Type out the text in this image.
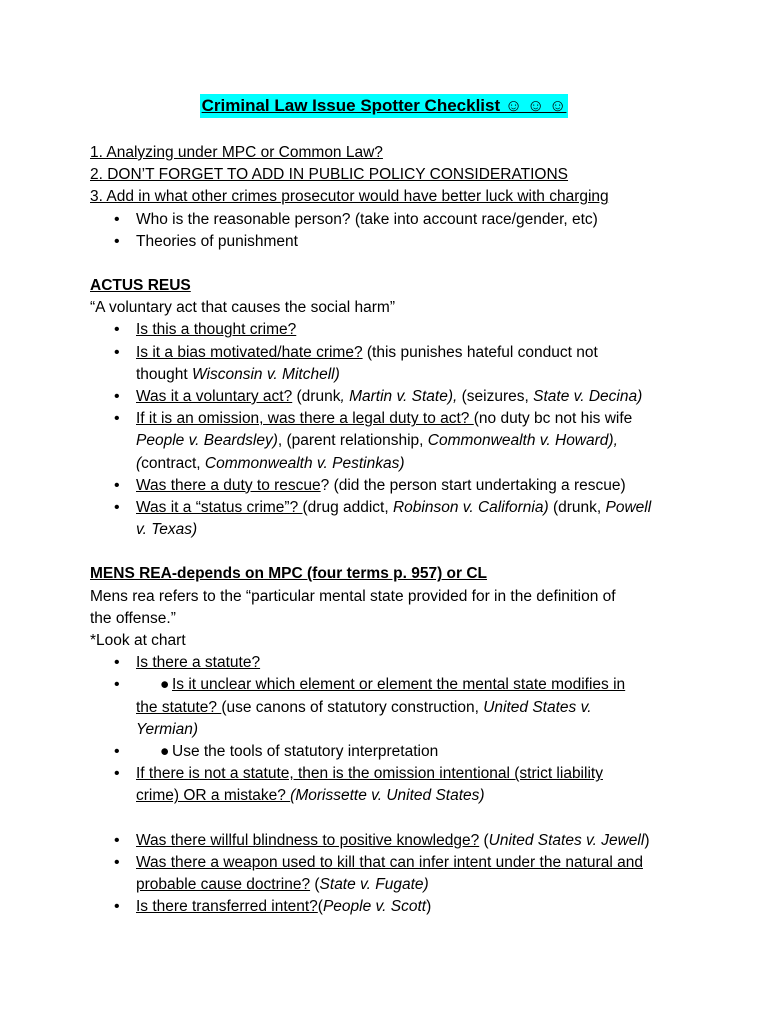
Criminal Law Issue Spotter Checklist ☺ ☺ ☺
1. Analyzing under MPC or Common Law?
2. DON’T FORGET TO ADD IN PUBLIC POLICY CONSIDERATIONS
3. Add in what other crimes prosecutor would have better luck with charging
• Who is the reasonable person? (take into account race/gender, etc)
• Theories of punishment
ACTUS REUS
“A voluntary act that causes the social harm”
• Is this a thought crime?
• Is it a bias motivated/hate crime? (this punishes hateful conduct not
thought Wisconsin v. Mitchell)
• Was it a voluntary act? (drunk, Martin v. State), (seizures, State v. Decina)
• If it is an omission, was there a legal duty to act? (no duty bc not his wife
People v. Beardsley), (parent relationship, Commonwealth v. Howard),
(contract, Commonwealth v. Pestinkas)
• Was there a duty to rescue? (did the person start undertaking a rescue)
• Was it a “status crime”? (drug addict, Robinson v. California) (drunk, Powell
v. Texas)
MENS REA-depends on MPC (four terms p. 957) or CL
Mens rea refers to the “particular mental state provided for in the definition of
the offense.”
*Look at chart
• Is there a statute?
• ● Is it unclear which element or element the mental state modifies in
the statute? (use canons of statutory construction, United States v.
Yermian)
• ● Use the tools of statutory interpretation
• If there is not a statute, then is the omission intentional (strict liability
crime) OR a mistake? (Morissette v. United States)
• Was there willful blindness to positive knowledge? (United States v. Jewell)
• Was there a weapon used to kill that can infer intent under the natural and
probable cause doctrine? (State v. Fugate)
• Is there transferred intent?(People v. Scott)
